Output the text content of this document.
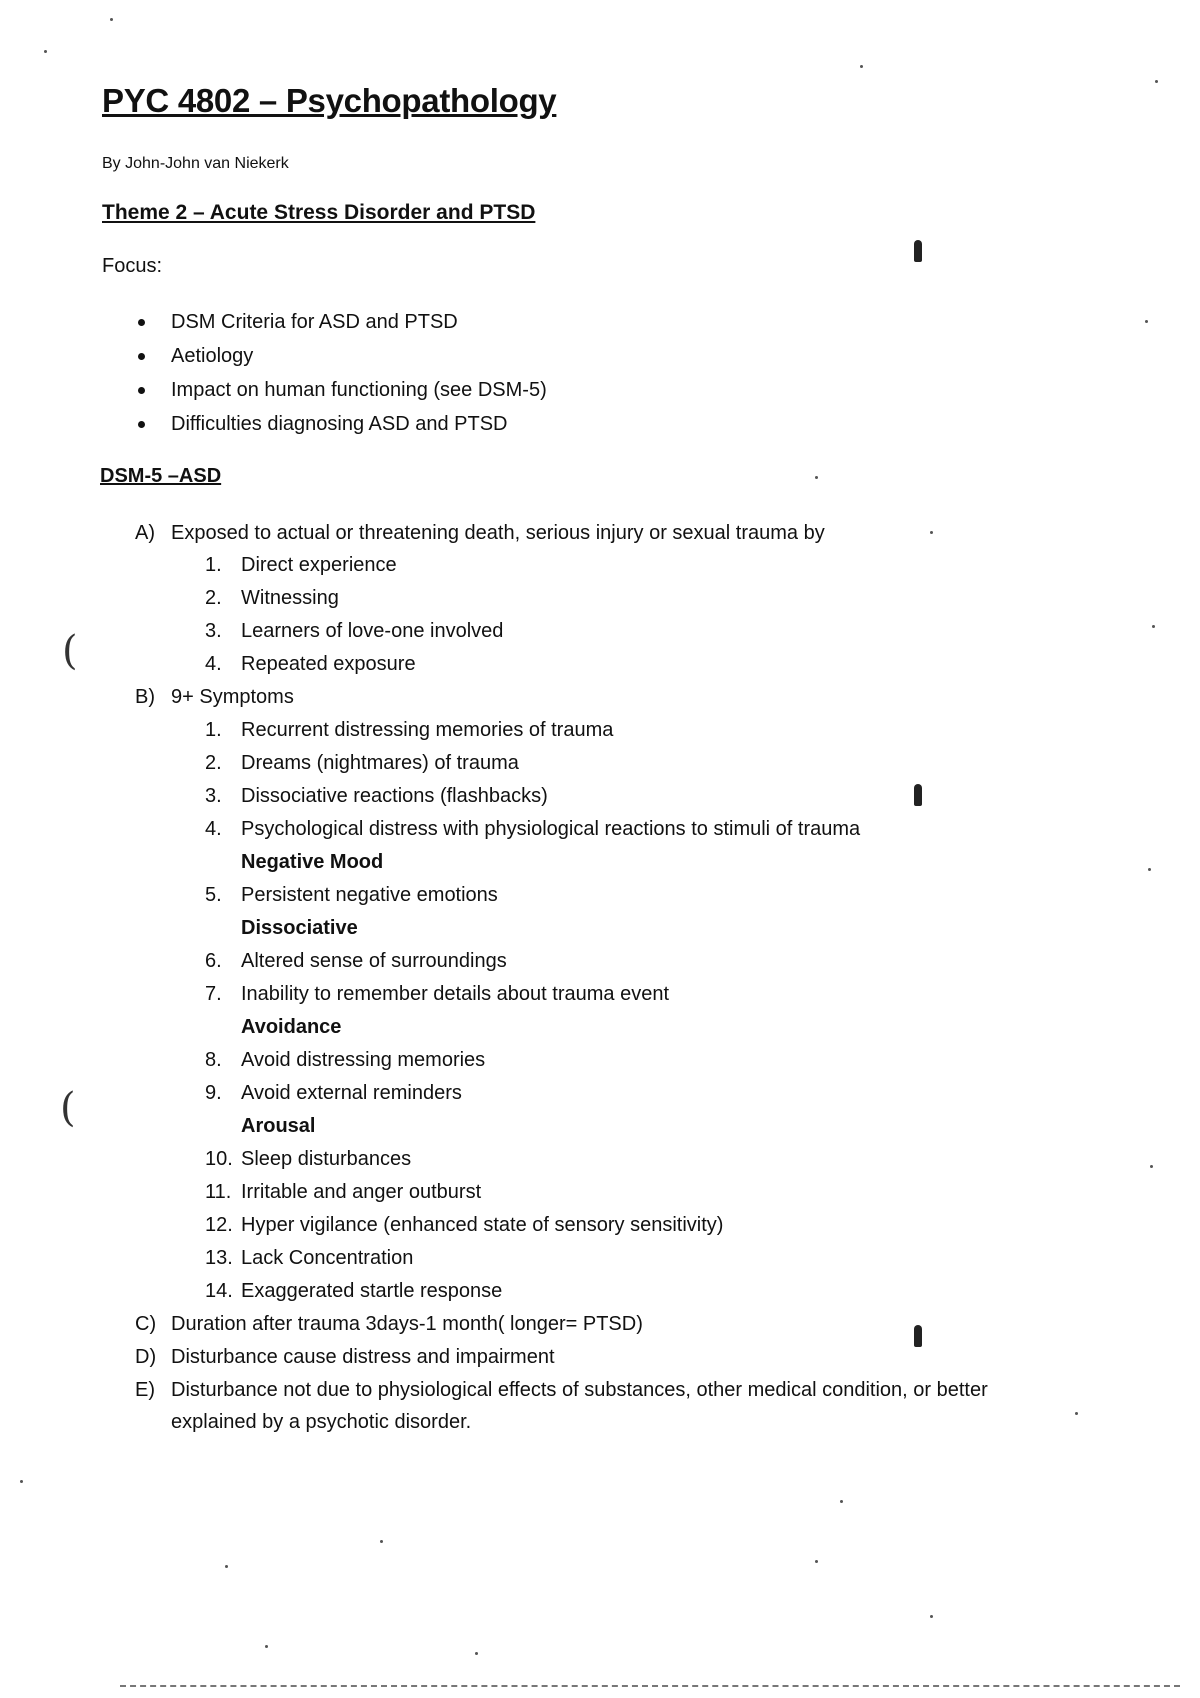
PYC 4802 – Psychopathology
By John-John van Niekerk
Theme 2 – Acute Stress Disorder and PTSD
Focus:
DSM Criteria for ASD and PTSD
Aetiology
Impact on human functioning (see DSM-5)
Difficulties diagnosing ASD and PTSD
DSM-5 –ASD
A) Exposed to actual or threatening death, serious injury or sexual trauma by
1. Direct experience
2. Witnessing
3. Learners of love-one involved
4. Repeated exposure
B) 9+ Symptoms
1. Recurrent distressing memories of trauma
2. Dreams (nightmares) of trauma
3. Dissociative reactions (flashbacks)
4. Psychological distress with physiological reactions to stimuli of trauma
Negative Mood
5. Persistent negative emotions
Dissociative
6. Altered sense of surroundings
7. Inability to remember details about trauma event
Avoidance
8. Avoid distressing memories
9. Avoid external reminders
Arousal
10. Sleep disturbances
11. Irritable and anger outburst
12. Hyper vigilance (enhanced state of sensory sensitivity)
13. Lack Concentration
14. Exaggerated startle response
C) Duration after trauma 3days-1 month( longer= PTSD)
D) Disturbance cause distress and impairment
E) Disturbance not due to physiological effects of substances, other medical condition, or better
explained by a psychotic disorder.
(
(
